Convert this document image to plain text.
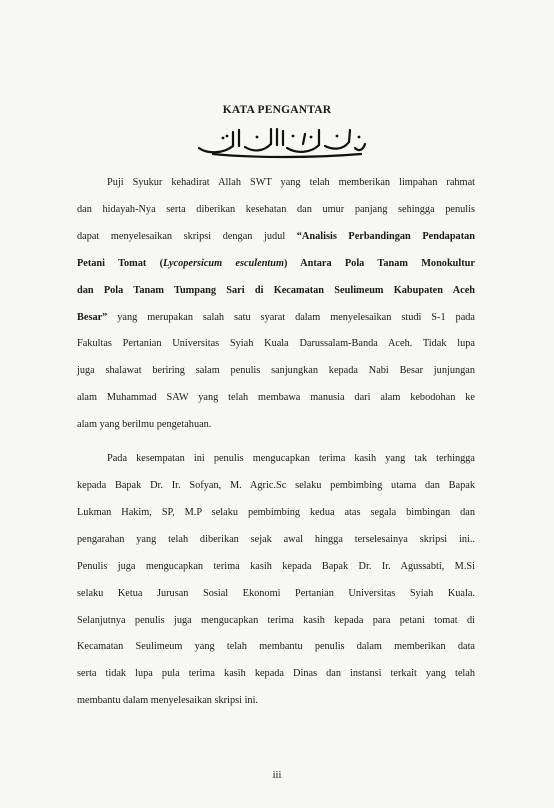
KATA PENGANTAR
Puji Syukur kehadirat Allah SWT yang telah memberikan limpahan rahmat
dan hidayah-Nya serta diberikan kesehatan dan umur panjang sehingga penulis
dapat menyelesaikan skripsi dengan judul “Analisis Perbandingan Pendapatan
Petani Tomat (Lycopersicum esculentum) Antara Pola Tanam Monokultur
dan Pola Tanam Tumpang Sari di Kecamatan Seulimeum Kabupaten Aceh
Besar” yang merupakan salah satu syarat dalam menyelesaikan studi S-1 pada
Fakultas Pertanian Universitas Syiah Kuala Darussalam-Banda Aceh. Tidak lupa
juga shalawat beriring salam penulis sanjungkan kepada Nabi Besar junjungan
alam Muhammad SAW yang telah membawa manusia dari alam kebodohan ke
alam yang berilmu pengetahuan.
Pada kesempatan ini penulis mengucapkan terima kasih yang tak terhingga
kepada Bapak Dr. Ir. Sofyan, M. Agric.Sc selaku pembimbing utama dan Bapak
Lukman Hakim, SP, M.P selaku pembimbing kedua atas segala bimbingan dan
pengarahan yang telah diberikan sejak awal hingga terselesainya skripsi ini..
Penulis juga mengucapkan terima kasih kepada Bapak Dr. Ir. Agussabti, M.Si
selaku Ketua Jurusan Sosial Ekonomi Pertanian Universitas Syiah Kuala.
Selanjutnya penulis juga mengucapkan terima kasih kepada para petani tomat di
Kecamatan Seulimeum yang telah membantu penulis dalam memberikan data
serta tidak lupa pula terima kasih kepada Dinas dan instansi terkait yang telah
membantu dalam menyelesaikan skripsi ini.
iii
